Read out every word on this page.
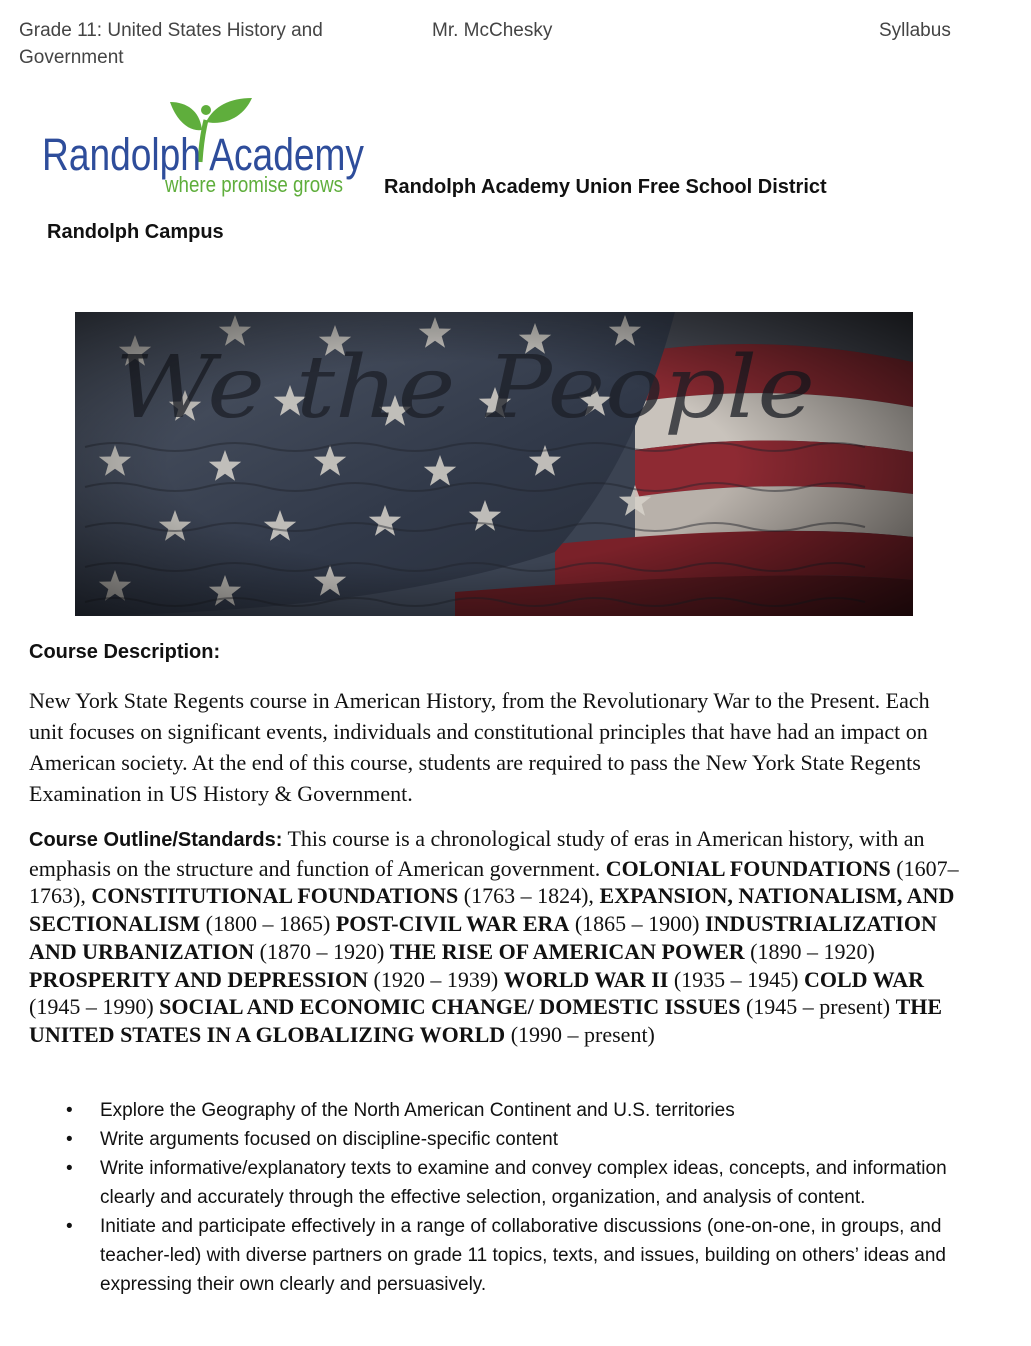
Grade 11: United States History and Government
Mr. McChesky	Syllabus
Randolph Academy
where promise grows Randolph Academy Union Free School District
Randolph Campus
Course Description:
New York State Regents course in American History, from the Revolutionary War to the Present. Each unit focuses on significant events, individuals and constitutional principles that have had an impact on American society. At the end of this course, students are required to pass the New York State Regents Examination in US History & Government.
Course Outline/Standards: This course is a chronological study of eras in American history, with an emphasis on the structure and function of American government. COLONIAL FOUNDATIONS (1607– 1763), CONSTITUTIONAL FOUNDATIONS (1763 – 1824), EXPANSION, NATIONALISM, AND SECTIONALISM (1800 – 1865) POST-CIVIL WAR ERA (1865 – 1900) INDUSTRIALIZATION AND URBANIZATION (1870 – 1920) THE RISE OF AMERICAN POWER (1890 – 1920) PROSPERITY AND DEPRESSION (1920 – 1939) WORLD WAR II (1935 – 1945) COLD WAR (1945 – 1990) SOCIAL AND ECONOMIC CHANGE/ DOMESTIC ISSUES (1945 – present) THE UNITED STATES IN A GLOBALIZING WORLD (1990 – present)
• Explore the Geography of the North American Continent and U.S. territories
• Write arguments focused on discipline-specific content
• Write informative/explanatory texts to examine and convey complex ideas, concepts, and information clearly and accurately through the effective selection, organization, and analysis of content.
• Initiate and participate effectively in a range of collaborative discussions (one-on-one, in groups, and teacher-led) with diverse partners on grade 11 topics, texts, and issues, building on others’ ideas and expressing their own clearly and persuasively.
